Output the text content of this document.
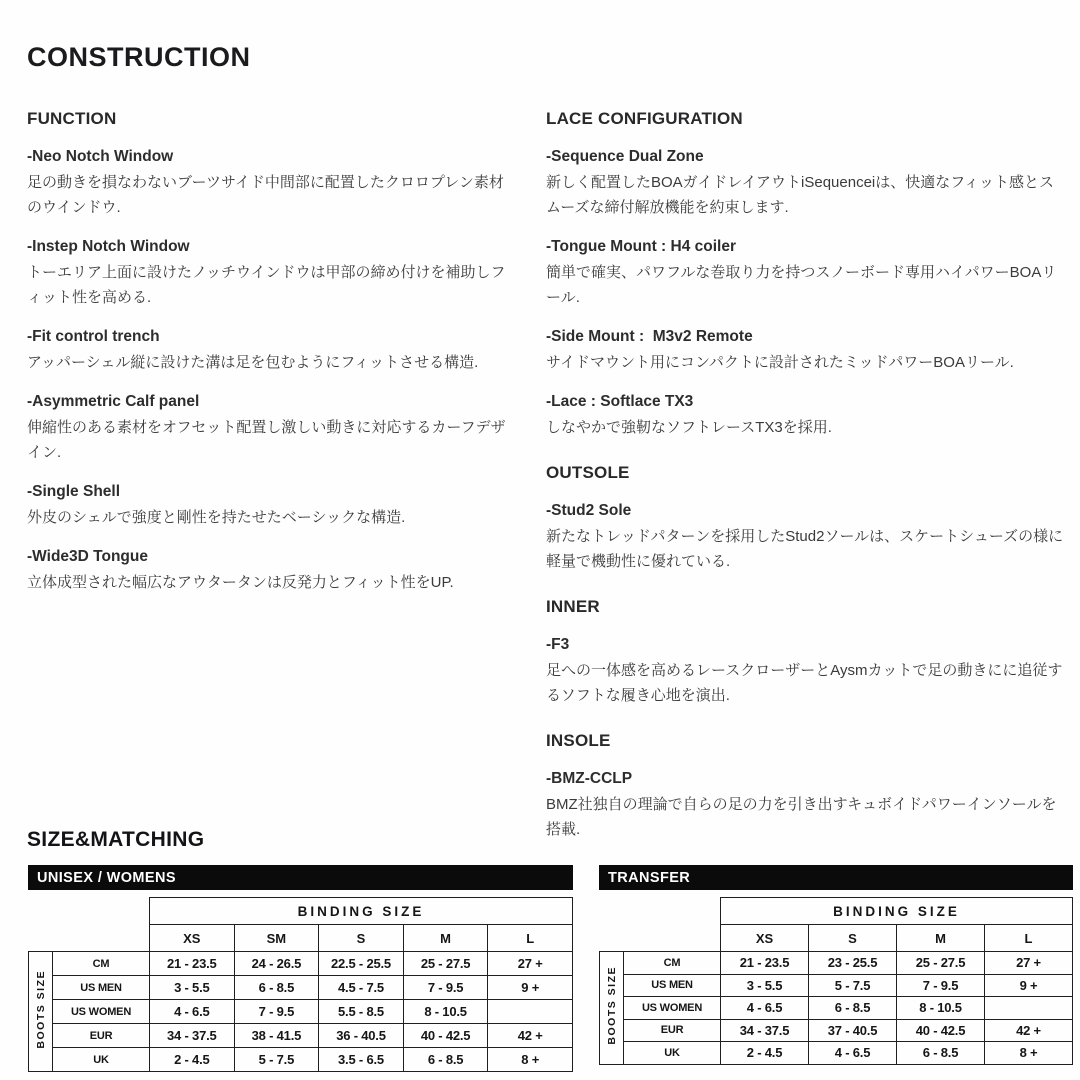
CONSTRUCTION
FUNCTION
-Neo Notch Window
足の動きを損なわないブーツサイド中間部に配置したクロロプレン素材のウインドウ.
-Instep Notch Window
トーエリア上面に設けたノッチウインドウは甲部の締め付けを補助しフィット性を高める.
-Fit control trench
アッパーシェル縦に設けた溝は足を包むようにフィットさせる構造.
-Asymmetric Calf panel
伸縮性のある素材をオフセット配置し激しい動きに対応するカーフデザイン.
-Single Shell
外皮のシェルで強度と剛性を持たせたベーシックな構造.
-Wide3D Tongue
立体成型された幅広なアウタータンは反発力とフィット性をUP.
LACE CONFIGURATION
-Sequence Dual Zone
新しく配置したBOAガイドレイアウトiSequenceiは、快適なフィット感とスムーズな締付解放機能を約束します.
-Tongue Mount : H4 coiler
簡単で確実、パワフルな巻取り力を持つスノーボード専用ハイパワーBOAリール.
-Side Mount :  M3v2 Remote
サイドマウント用にコンパクトに設計されたミッドパワーBOAリール.
-Lace : Softlace TX3
しなやかで強靭なソフトレースTX3を採用.
OUTSOLE
-Stud2 Sole
新たなトレッドパターンを採用したStud2ソールは、スケートシューズの様に軽量で機動性に優れている.
INNER
-F3
足への一体感を高めるレースクローザーとAysmカットで足の動きにに追従するソフトな履き心地を演出.
INSOLE
-BMZ-CCLP
BMZ社独自の理論で自らの足の力を引き出すキュボイドパワーインソールを搭載.
SIZE&MATCHING
UNISEX / WOMENS
		BINDING SIZE				
		XS	SM	S	M	L
BOOTS SIZE	CM	21 - 23.5	24 - 26.5	22.5 - 25.5	25 - 27.5	27 +
	US MEN	3 - 5.5	6 - 8.5	4.5 - 7.5	7 - 9.5	9 +
	US WOMEN	4 - 6.5	7 - 9.5	5.5 - 8.5	8 - 10.5	
	EUR	34 - 37.5	38 - 41.5	36 - 40.5	40 - 42.5	42 +
	UK	2 - 4.5	5 - 7.5	3.5 - 6.5	6 - 8.5	8 +
TRANSFER
		BINDING SIZE			
		XS	S	M	L
BOOTS SIZE	CM	21 - 23.5	23 - 25.5	25 - 27.5	27 +
	US MEN	3 - 5.5	5 - 7.5	7 - 9.5	9 +
	US WOMEN	4 - 6.5	6 - 8.5	8 - 10.5	
	EUR	34 - 37.5	37 - 40.5	40 - 42.5	42 +
	UK	2 - 4.5	4 - 6.5	6 - 8.5	8 +
